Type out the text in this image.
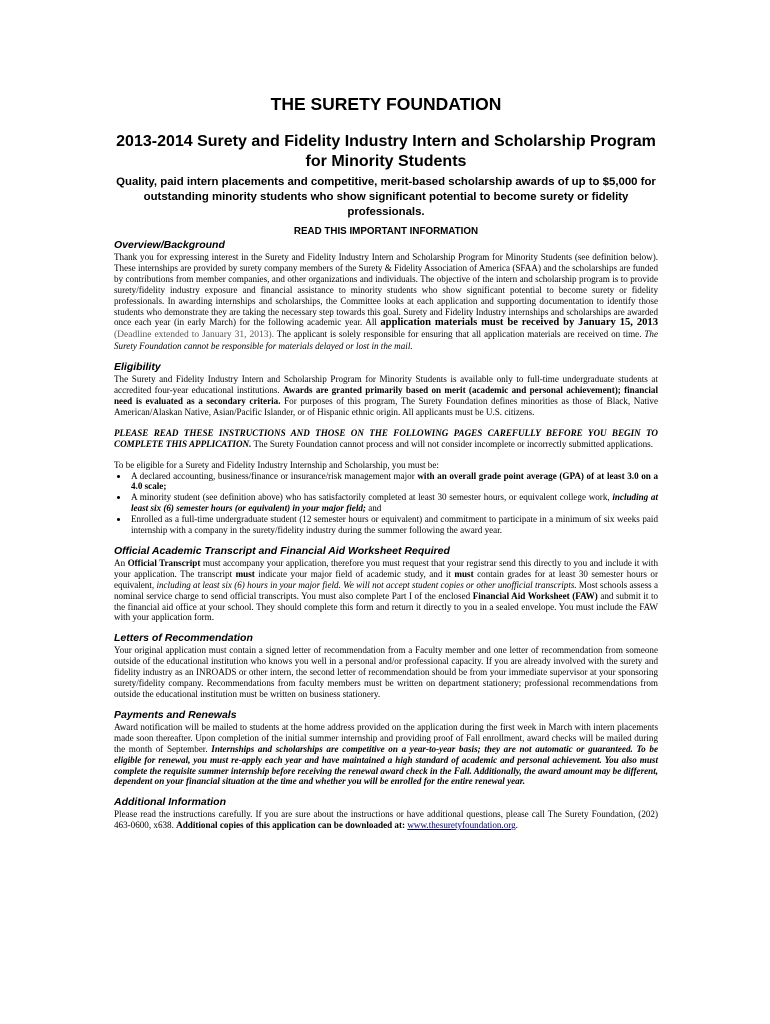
THE SURETY FOUNDATION
2013-2014 Surety and Fidelity Industry Intern and Scholarship Program for Minority Students
Quality, paid intern placements and competitive, merit-based scholarship awards of up to $5,000 for outstanding minority students who show significant potential to become surety or fidelity professionals.
READ THIS IMPORTANT INFORMATION
Overview/Background

Thank you for expressing interest in the Surety and Fidelity Industry Intern and Scholarship Program for Minority Students (see definition below). These internships are provided by surety company members of the Surety & Fidelity Association of America (SFAA) and the scholarships are funded by contributions from member companies, and other organizations and individuals. The objective of the intern and scholarship program is to provide surety/fidelity industry exposure and financial assistance to minority students who show significant potential to become surety or fidelity professionals. In awarding internships and scholarships, the Committee looks at each application and supporting documentation to identify those students who demonstrate they are taking the necessary step towards this goal. Surety and Fidelity Industry internships and scholarships are awarded once each year (in early March) for the following academic year. All application materials must be received by January 15, 2013 (Deadline extended to January 31, 2013). The applicant is solely responsible for ensuring that all application materials are received on time. The Surety Foundation cannot be responsible for materials delayed or lost in the mail.

Eligibility

The Surety and Fidelity Industry Intern and Scholarship Program for Minority Students is available only to full-time undergraduate students at accredited four-year educational institutions. Awards are granted primarily based on merit (academic and personal achievement); financial need is evaluated as a secondary criteria. For purposes of this program, The Surety Foundation defines minorities as those of Black, Native American/Alaskan Native, Asian/Pacific Islander, or of Hispanic ethnic origin. All applicants must be U.S. citizens.

PLEASE READ THESE INSTRUCTIONS AND THOSE ON THE FOLLOWING PAGES CAREFULLY BEFORE YOU BEGIN TO COMPLETE THIS APPLICATION. The Surety Foundation cannot process and will not consider incomplete or incorrectly submitted applications.

To be eligible for a Surety and Fidelity Industry Internship and Scholarship, you must be:

• A declared accounting, business/finance or insurance/risk management major with an overall grade point average (GPA) of at least 3.0 on a 4.0 scale;
• A minority student (see definition above) who has satisfactorily completed at least 30 semester hours, or equivalent college work, including at least six (6) semester hours (or equivalent) in your major field; and
• Enrolled as a full-time undergraduate student (12 semester hours or equivalent) and commitment to participate in a minimum of six weeks paid internship with a company in the surety/fidelity industry during the summer following the award year.
Official Academic Transcript and Financial Aid Worksheet Required

An Official Transcript must accompany your application, therefore you must request that your registrar send this directly to you and include it with your application. The transcript must indicate your major field of academic study, and it must contain grades for at least 30 semester hours or equivalent, including at least six (6) hours in your major field. We will not accept student copies or other unofficial transcripts. Most schools assess a nominal service charge to send official transcripts. You must also complete Part I of the enclosed Financial Aid Worksheet (FAW) and submit it to the financial aid office at your school. They should complete this form and return it directly to you in a sealed envelope. You must include the FAW with your application form.

Letters of Recommendation

Your original application must contain a signed letter of recommendation from a Faculty member and one letter of recommendation from someone outside of the educational institution who knows you well in a personal and/or professional capacity. If you are already involved with the surety and fidelity industry as an INROADS or other intern, the second letter of recommendation should be from your immediate supervisor at your sponsoring surety/fidelity company. Recommendations from faculty members must be written on department stationery; professional recommendations from outside the educational institution must be written on business stationery.

Payments and Renewals

Award notification will be mailed to students at the home address provided on the application during the first week in March with intern placements made soon thereafter. Upon completion of the initial summer internship and providing proof of Fall enrollment, award checks will be mailed during the month of September. Internships and scholarships are competitive on a year-to-year basis; they are not automatic or guaranteed. To be eligible for renewal, you must re-apply each year and have maintained a high standard of academic and personal achievement. You also must complete the requisite summer internship before receiving the renewal award check in the Fall. Additionally, the award amount may be different, dependent on your financial situation at the time and whether you will be enrolled for the entire renewal year.

Additional Information

Please read the instructions carefully. If you are sure about the instructions or have additional questions, please call The Surety Foundation, (202) 463-0600, x638. Additional copies of this application can be downloaded at: www.thesuretyfoundation.org.
